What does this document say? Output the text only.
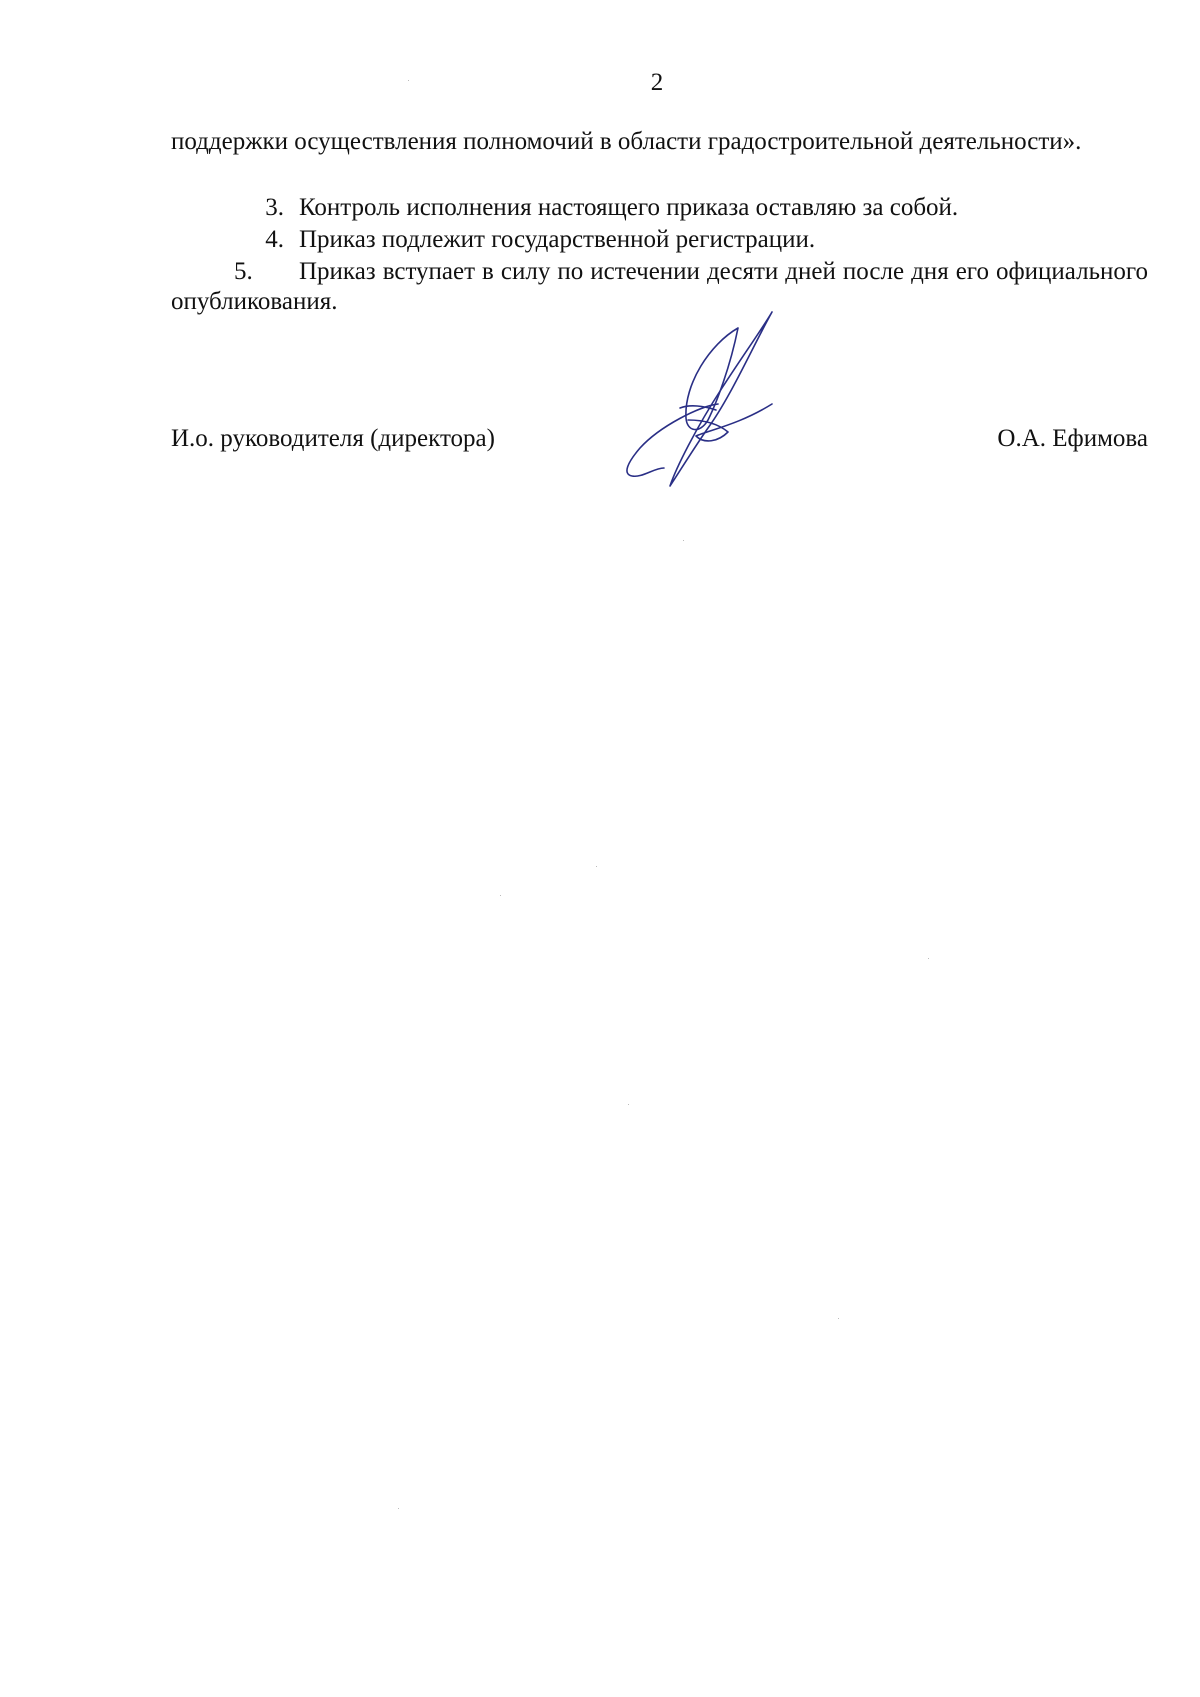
2
поддержки осуществления полномочий в области градостроительной деятельности».
3. Контроль исполнения настоящего приказа оставляю за собой.
4. Приказ подлежит государственной регистрации.
5. Приказ вступает в силу по истечении десяти дней после дня его официального опубликования.
И.о. руководителя (директора)	О.А. Ефимова
